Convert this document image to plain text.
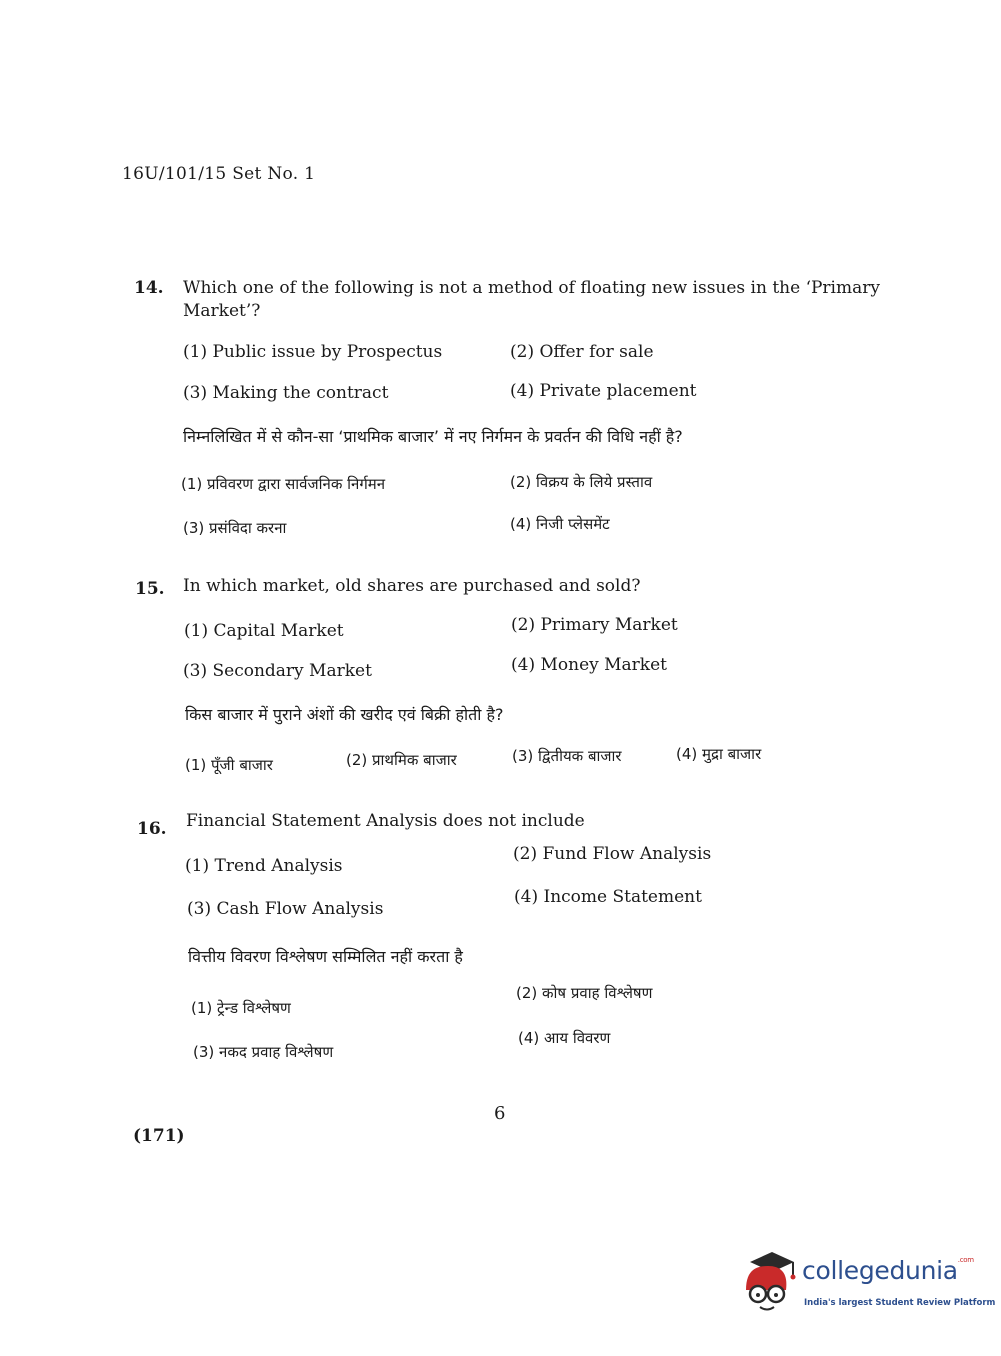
16U/101/15 Set No. 1
14. Which one of the following is not a method of floating new issues in the ‘Primary
Market’?
(1) Public issue by Prospectus	(2) Offer for sale
(3) Making the contract	(4) Private placement
निम्नलिखित में से कौन-सा ‘प्राथमिक बाजार’ में नए निर्गमन के प्रवर्तन की विधि नहीं है?
(1) प्रविवरण द्वारा सार्वजनिक निर्गमन	(2) विक्रय के लिये प्रस्ताव
(3) प्रसंविदा करना	(4) निजी प्लेसमेंट
15. In which market, old shares are purchased and sold?
(1) Capital Market	(2) Primary Market
(3) Secondary Market	(4) Money Market
किस बाजार में पुराने अंशों की खरीद एवं बिक्री होती है?
(1) पूँजी बाजार	(2) प्राथमिक बाजार	(3) द्वितीयक बाजार	(4) मुद्रा बाजार
16. Financial Statement Analysis does not include
(1) Trend Analysis
(2) Fund Flow Analysis
(3) Cash Flow Analysis
(4) Income Statement
वित्तीय विवरण विश्लेषण सम्मिलित नहीं करता है
(1) ट्रेन्ड विश्लेषण
(2) कोष प्रवाह विश्लेषण
(3) नकद प्रवाह विश्लेषण
(4) आय विवरण
6
(171)
collegedunia$^{.com}$
India's largest Student Review Platform
